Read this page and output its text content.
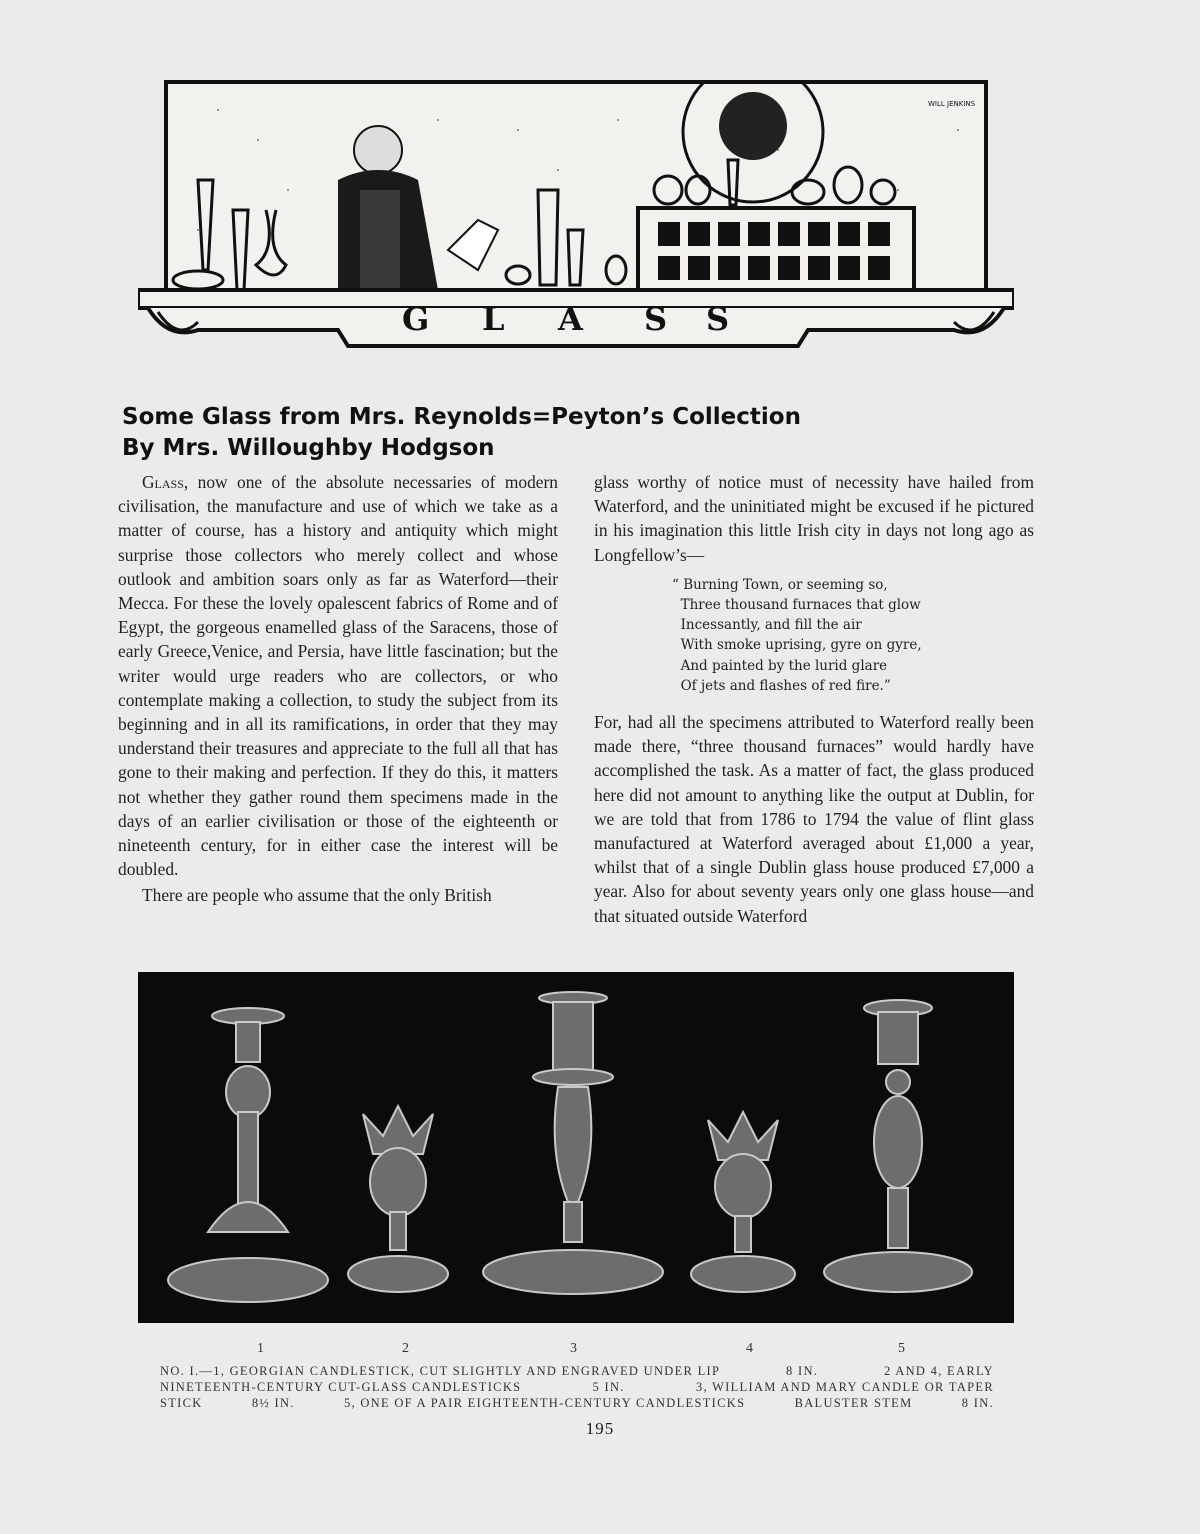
WILL JENKINS
G L A S S
Some Glass from Mrs. Reynolds=Peyton’s Collection
By Mrs. Willoughby Hodgson

Glass, now one of the absolute necessaries of modern civilisation, the manufacture and use of which we take as a matter of course, has a history and antiquity which might surprise those collectors who merely collect and whose outlook and ambition soars only as far as Waterford—their Mecca. For these the lovely opalescent fabrics of Rome and of Egypt, the gorgeous enamelled glass of the Saracens, those of early Greece,Venice, and Persia, have little fascination; but the writer would urge readers who are collectors, or who contemplate making a collection, to study the subject from its beginning and in all its ramifications, in order that they may understand their treasures and appreciate to the full all that has gone to their making and perfection. If they do this, it matters not whether they gather round them specimens made in the days of an earlier civilisation or those of the eighteenth or nineteenth century, for in either case the interest will be doubled.

There are people who assume that the only British

glass worthy of notice must of necessity have hailed from Waterford, and the uninitiated might be excused if he pictured in his imagination this little Irish city in days not long ago as Longfellow’s—

“ Burning Town, or seeming so,
Three thousand furnaces that glow
Incessantly, and fill the air
With smoke uprising, gyre on gyre,
And painted by the lurid glare
Of jets and flashes of red fire.”

For, had all the specimens attributed to Waterford really been made there, “three thousand furnaces” would hardly have accomplished the task. As a matter of fact, the glass produced here did not amount to anything like the output at Dublin, for we are told that from 1786 to 1794 the value of flint glass manufactured at Waterford averaged about £1,000 a year, whilst that of a single Dublin glass house produced £7,000 a year. Also for about seventy years only one glass house—and that situated outside Waterford

1	2	3	4	5
NO. I.—1, GEORGIAN CANDLESTICK, CUT SLIGHTLY AND ENGRAVED UNDER LIP	8 IN.	2 AND 4, EARLY
NINETEENTH-CENTURY CUT-GLASS CANDLESTICKS	5 IN.	3, WILLIAM AND MARY CANDLE OR TAPER
STICK	8½ IN.	5, ONE OF A PAIR EIGHTEENTH-CENTURY CANDLESTICKS	BALUSTER STEM	8 IN.
195
